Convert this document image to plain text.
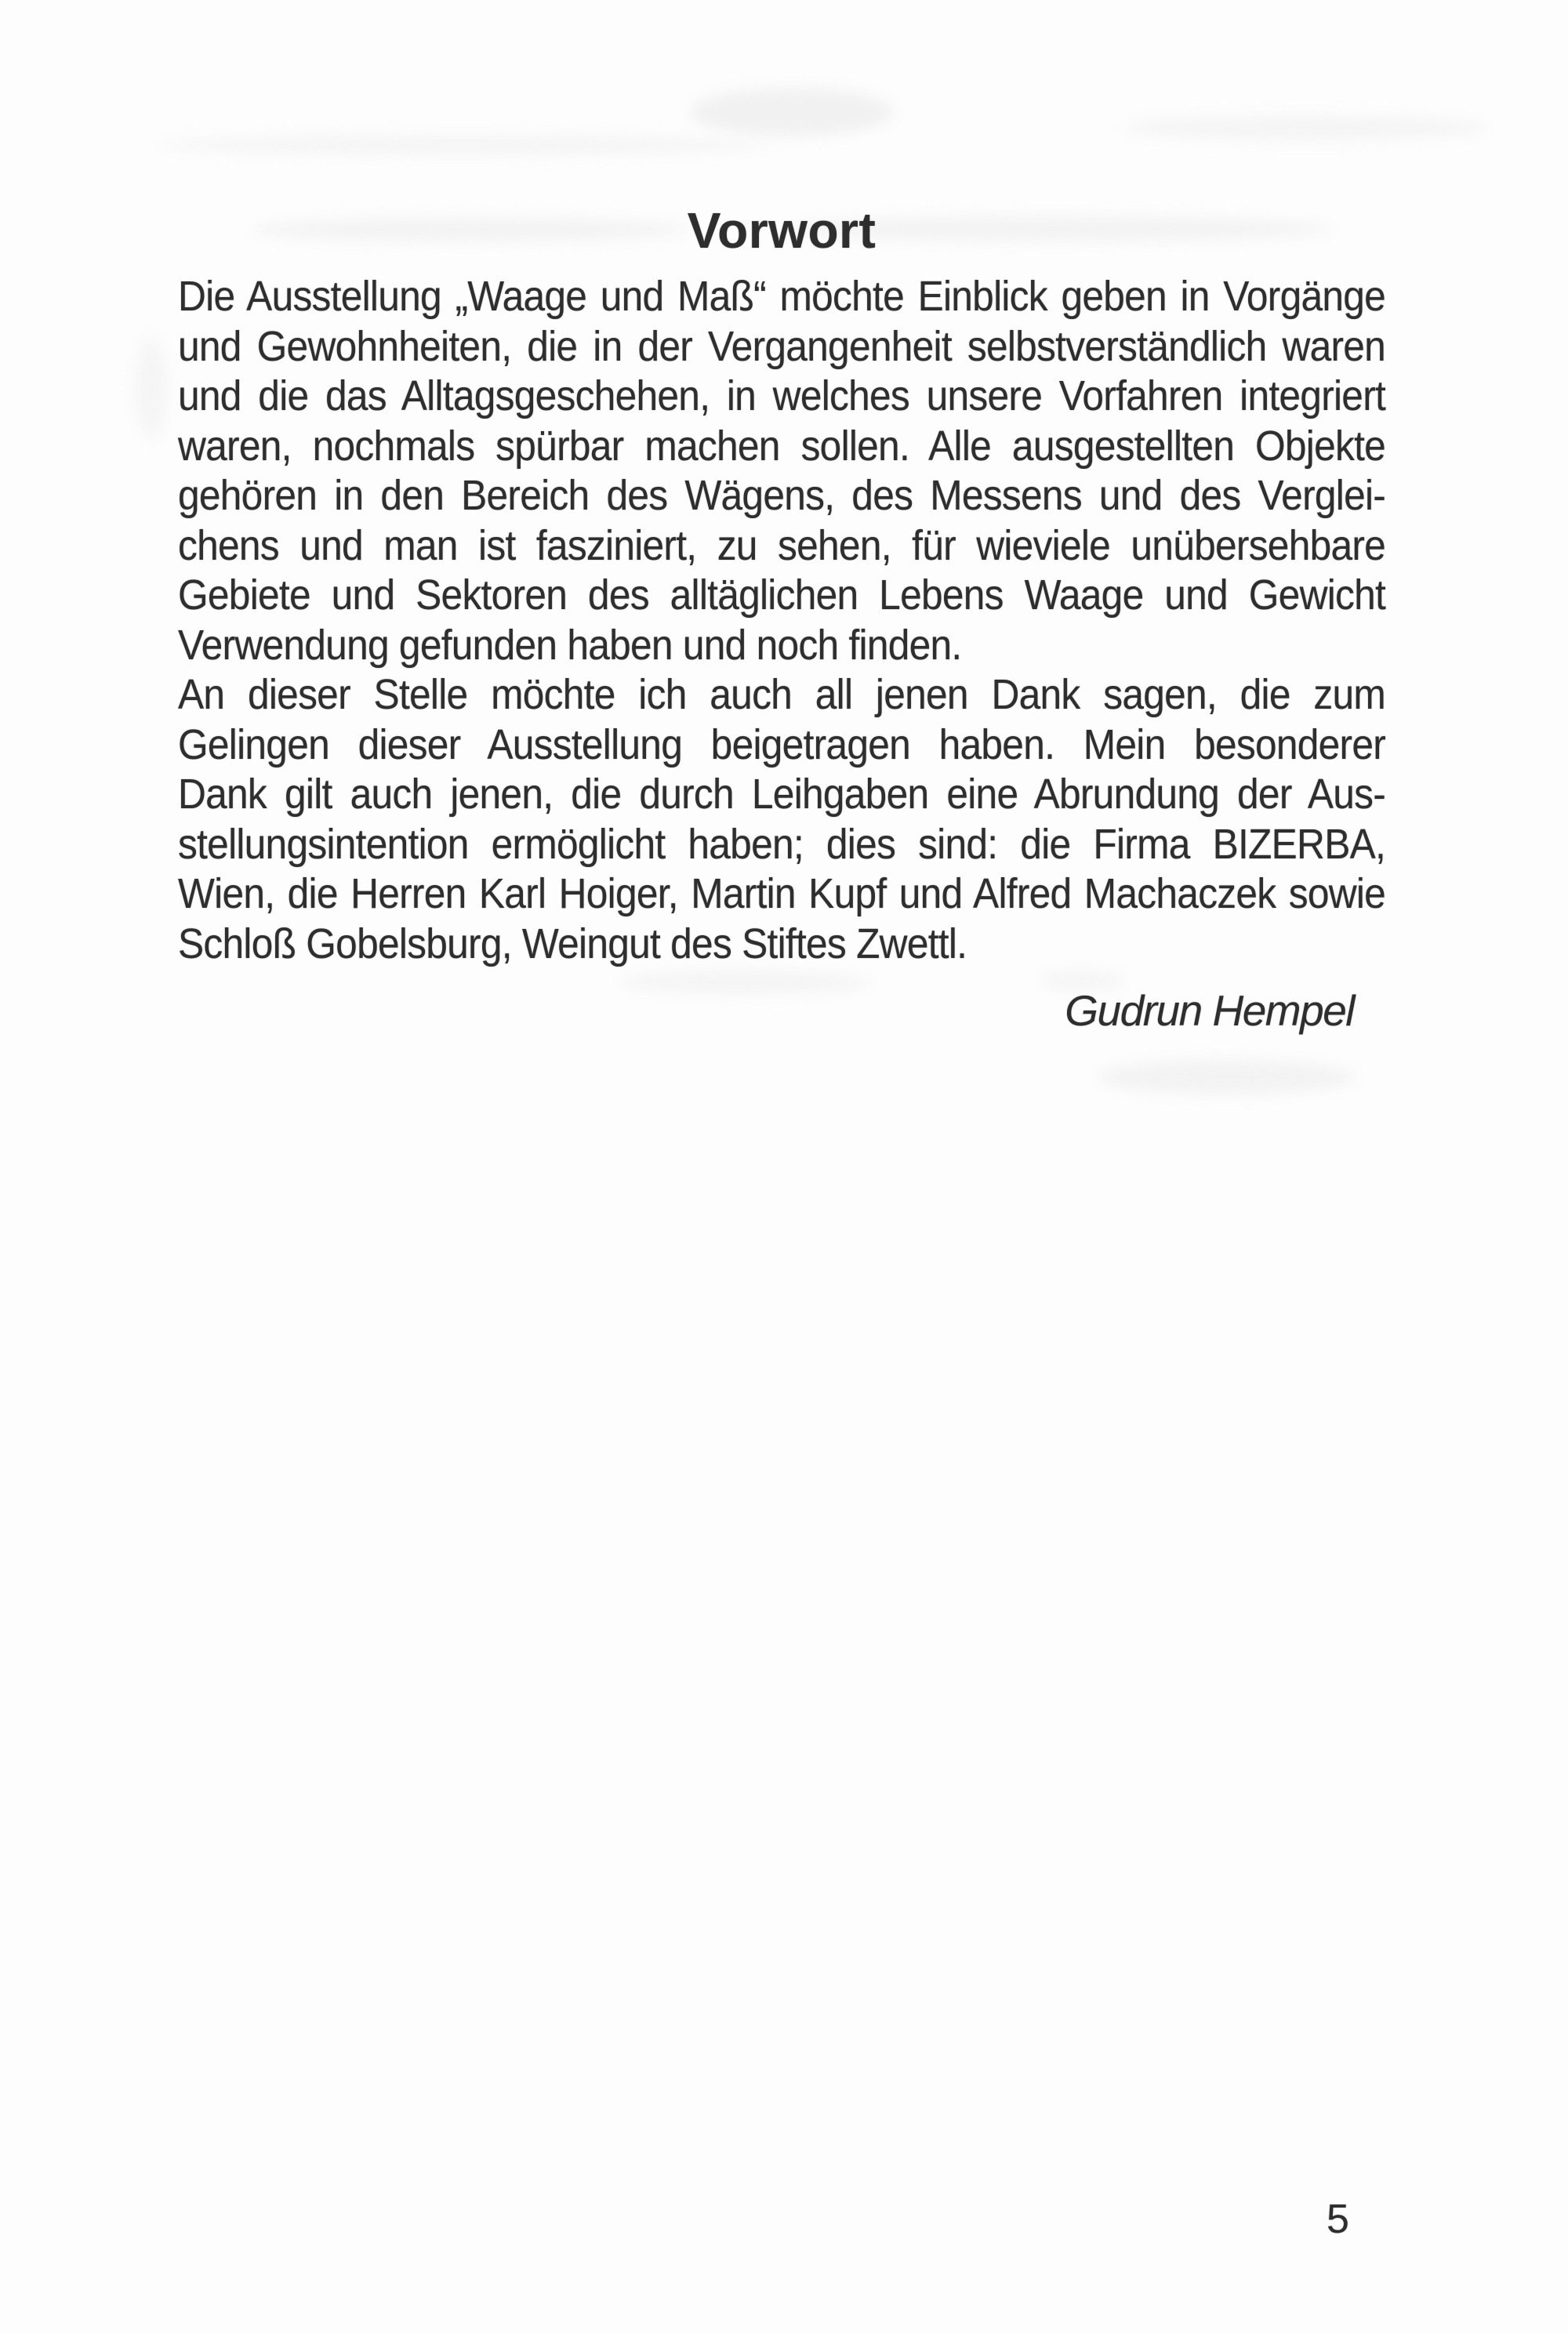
Vorwort
Die Ausstellung „Waage und Maß“ möchte Einblick geben in Vorgänge
und Gewohnheiten, die in der Vergangenheit selbstverständlich waren
und die das Alltagsgeschehen, in welches unsere Vorfahren integriert
waren, nochmals spürbar machen sollen. Alle ausgestellten Objekte
gehören in den Bereich des Wägens, des Messens und des Verglei-
chens und man ist fasziniert, zu sehen, für wieviele unübersehbare
Gebiete und Sektoren des alltäglichen Lebens Waage und Gewicht
Verwendung gefunden haben und noch finden.
An dieser Stelle möchte ich auch all jenen Dank sagen, die zum
Gelingen dieser Ausstellung beigetragen haben. Mein besonderer
Dank gilt auch jenen, die durch Leihgaben eine Abrundung der Aus-
stellungsintention ermöglicht haben; dies sind: die Firma BIZERBA,
Wien, die Herren Karl Hoiger, Martin Kupf und Alfred Machaczek sowie
Schloß Gobelsburg, Weingut des Stiftes Zwettl.
Gudrun Hempel
5
